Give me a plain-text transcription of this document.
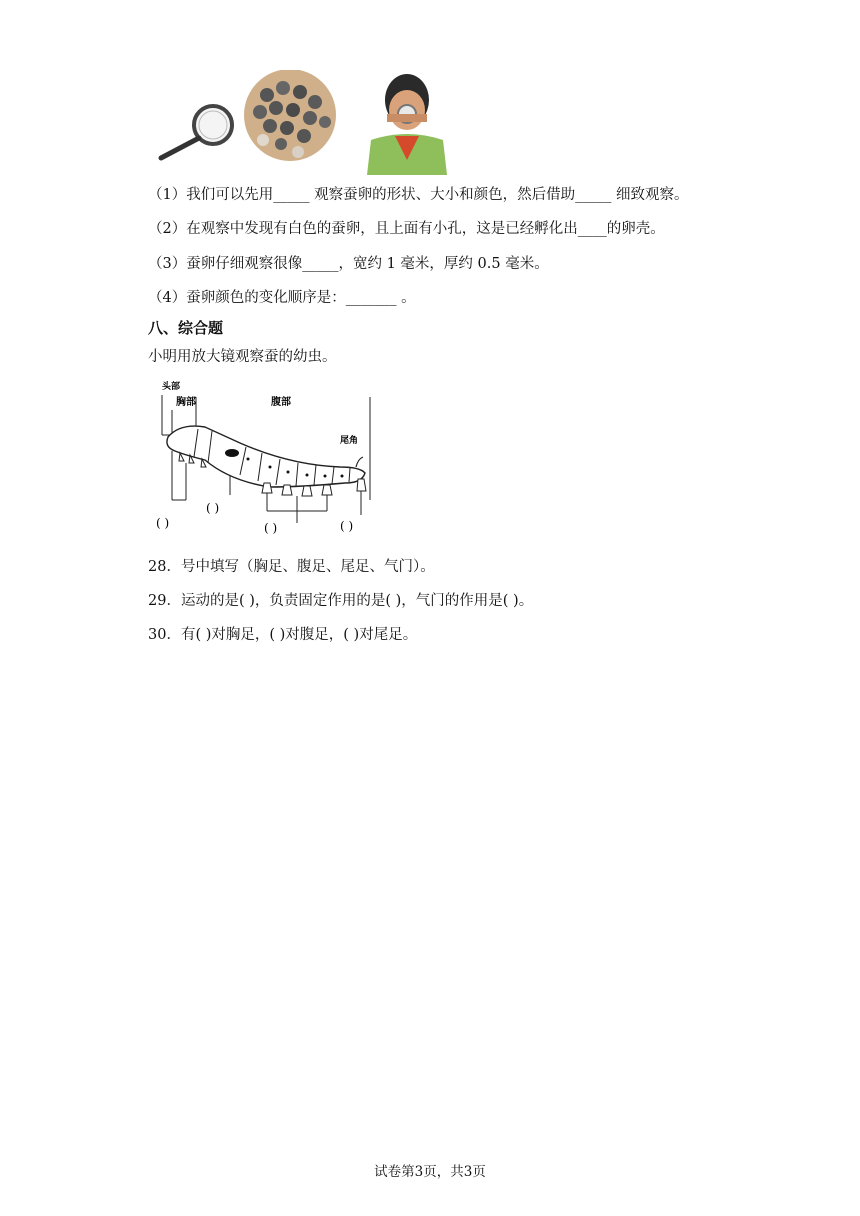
（1）我们可以先用_____ 观察蚕卵的形状、大小和颜色，然后借助_____ 细致观察。
（2）在观察中发现有白色的蚕卵，且上面有小孔，这是已经孵化出____的卵壳。
（3）蚕卵仔细观察很像_____，宽约 1 毫米，厚约 0.5 毫米。
（4）蚕卵颜色的变化顺序是：_______ 。
八、综合题
小明用放大镜观察蚕的幼虫。
头部
胸部	腹部
尾角
( )
( )
( )	( )
28．号中填写（胸足、腹足、尾足、气门）。
29．运动的是( )，负责固定作用的是( )，气门的作用是( )。
30．有( )对胸足，( )对腹足，( )对尾足。
试卷第3页，共3页
